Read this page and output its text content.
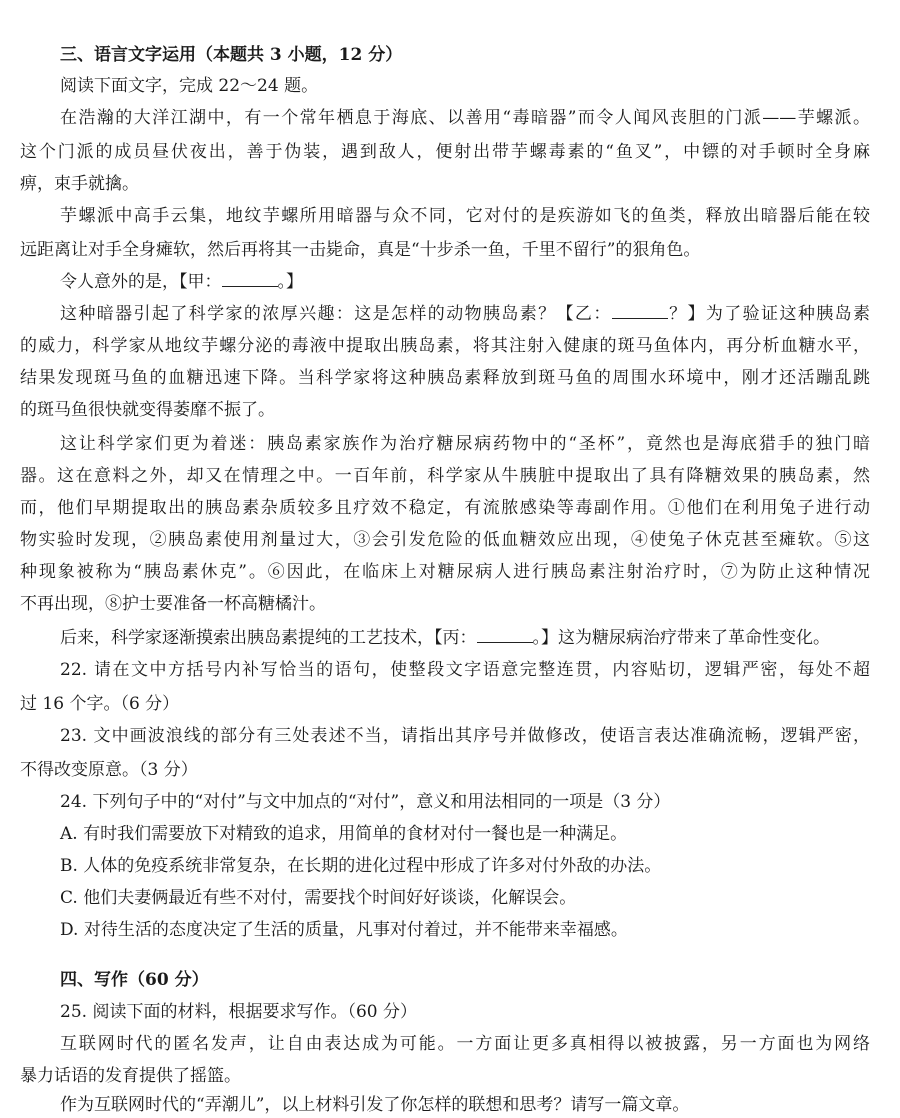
三、语言文字运用（本题共 3 小题，12 分）
阅读下面文字，完成 22～24 题。
在浩瀚的大洋江湖中，有一个常年栖息于海底、以善用“毒暗器”而令人闻风丧胆的门派——芋螺派。
这个门派的成员昼伏夜出，善于伪装，遇到敌人，便射出带芋螺毒素的“鱼叉”，中镖的对手顿时全身麻
痹，束手就擒。
芋螺派中高手云集，地纹芋螺所用暗器与众不同，它对付的是疾游如飞的鱼类，释放出暗器后能在较
远距离让对手全身瘫软，然后再将其一击毙命，真是“十步杀一鱼，千里不留行”的狠角色。
令人意外的是，【甲：	。】
这种暗器引起了科学家的浓厚兴趣：这是怎样的动物胰岛素？【乙：	？】为了验证这种胰岛素
的威力，科学家从地纹芋螺分泌的毒液中提取出胰岛素，将其注射入健康的斑马鱼体内，再分析血糖水平，
结果发现斑马鱼的血糖迅速下降。当科学家将这种胰岛素释放到斑马鱼的周围水环境中，刚才还活蹦乱跳
的斑马鱼很快就变得萎靡不振了。
这让科学家们更为着迷：胰岛素家族作为治疗糖尿病药物中的“圣杯”，竟然也是海底猎手的独门暗
器。这在意料之外，却又在情理之中。一百年前，科学家从牛胰脏中提取出了具有降糖效果的胰岛素，然
而，他们早期提取出的胰岛素杂质较多且疗效不稳定，有流脓感染等毒副作用。①他们在利用兔子进行动
物实验时发现，②胰岛素使用剂量过大，③会引发危险的低血糖效应出现，④使兔子休克甚至瘫软。⑤这
种现象被称为“胰岛素休克”。⑥因此，在临床上对糖尿病人进行胰岛素注射治疗时，⑦为防止这种情况
不再出现，⑧护士要准备一杯高糖橘汁。
后来，科学家逐渐摸索出胰岛素提纯的工艺技术，【丙：	。】这为糖尿病治疗带来了革命性变化。
22. 请在文中方括号内补写恰当的语句，使整段文字语意完整连贯，内容贴切，逻辑严密，每处不超
过 16 个字。（6 分）
23. 文中画波浪线的部分有三处表述不当，请指出其序号并做修改，使语言表达准确流畅，逻辑严密，
不得改变原意。（3 分）
24. 下列句子中的“对付”与文中加点的“对付”，意义和用法相同的一项是（3 分）
A. 有时我们需要放下对精致的追求，用简单的食材对付一餐也是一种满足。
B. 人体的免疫系统非常复杂，在长期的进化过程中形成了许多对付外敌的办法。
C. 他们夫妻俩最近有些不对付，需要找个时间好好谈谈，化解误会。
D. 对待生活的态度决定了生活的质量，凡事对付着过，并不能带来幸福感。
四、写作（60 分）
25. 阅读下面的材料，根据要求写作。（60 分）
互联网时代的匿名发声，让自由表达成为可能。一方面让更多真相得以被披露，另一方面也为网络
暴力话语的发育提供了摇篮。
作为互联网时代的“弄潮儿”，以上材料引发了你怎样的联想和思考？请写一篇文章。
